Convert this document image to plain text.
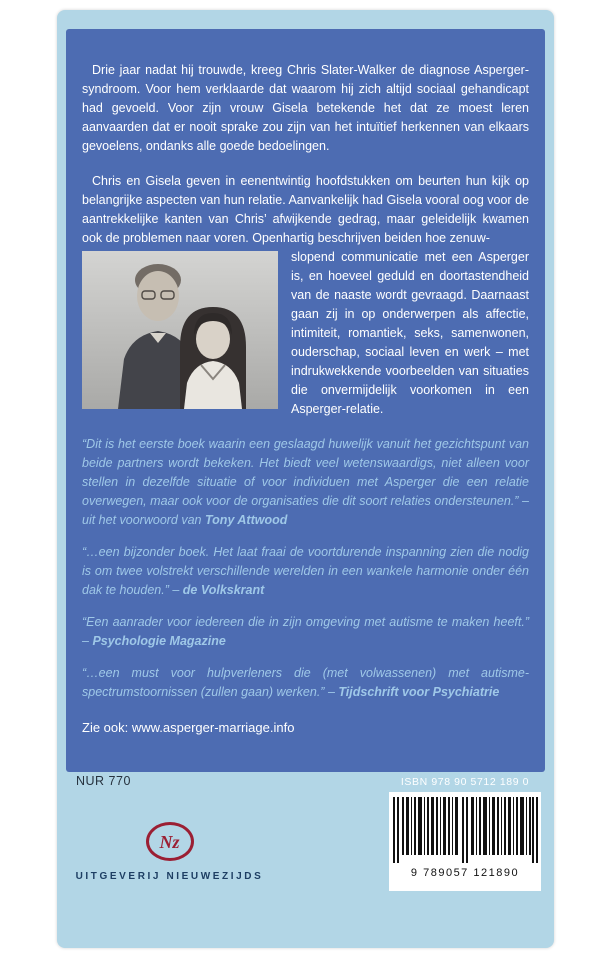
Drie jaar nadat hij trouwde, kreeg Chris Slater-Walker de diagnose Asperger-syndroom. Voor hem verklaarde dat waarom hij zich altijd sociaal gehandicapt had gevoeld. Voor zijn vrouw Gisela betekende het dat ze moest leren aanvaarden dat er nooit sprake zou zijn van het intuïtief herkennen van elkaars gevoelens, ondanks alle goede bedoelingen.

Chris en Gisela geven in eenentwintig hoofdstukken om beurten hun kijk op belangrijke aspecten van hun relatie. Aanvankelijk had Gisela vooral oog voor de aantrekkelijke kanten van Chris’ afwijkende gedrag, maar geleidelijk kwamen ook de problemen naar voren. Openhartig beschrijven beiden hoe zenuw-

slopend communicatie met een Asperger is, en hoeveel geduld en doortastendheid van de naaste wordt gevraagd. Daarnaast gaan zij in op onderwerpen als affectie, intimiteit, romantiek, seks, samenwonen, ouderschap, sociaal leven en werk – met indrukwekkende voorbeelden van situaties die onvermijdelijk voorkomen in een Asperger-relatie.

“Dit is het eerste boek waarin een geslaagd huwelijk vanuit het gezichtspunt van beide partners wordt bekeken. Het biedt veel wetenswaardigs, niet alleen voor stellen in dezelfde situatie of voor individuen met Asperger die een relatie overwegen, maar ook voor de organisaties die dit soort relaties ondersteunen.” – uit het voorwoord van Tony Attwood

“…een bijzonder boek. Het laat fraai de voortdurende inspanning zien die nodig is om twee volstrekt verschillende werelden in een wankele harmonie onder één dak te houden.” – de Volkskrant

“Een aanrader voor iedereen die in zijn omgeving met autisme te maken heeft.” – Psychologie Magazine

“…een must voor hulpverleners die (met volwassenen) met autisme-spectrumstoornissen (zullen gaan) werken.” – Tijdschrift voor Psychiatrie

Zie ook: www.asperger-marriage.info

NUR 770	ISBN 978 90 5712 189 0
9 789057 121890
Nz
UITGEVERIJ NIEUWEZIJDS
